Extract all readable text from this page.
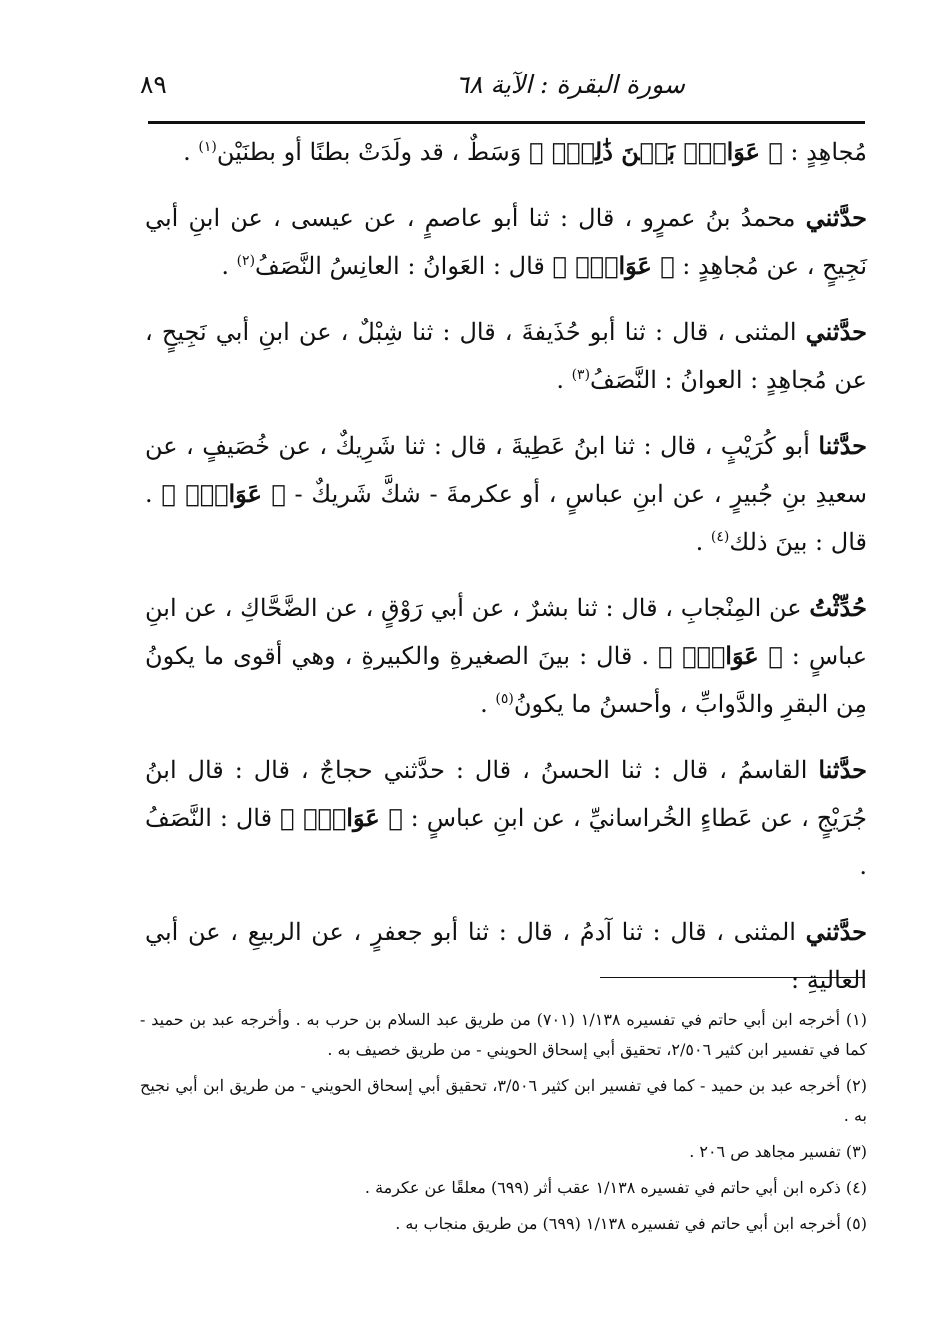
سورة البقرة : الآية ٦٨
٨٩

مُجاهِدٍ : ﴿ عَوَانُۢ بَيۡنَ ذَٰلِكَۖ ﴾ وَسَطٌ ، قد ولَدَتْ بطنًا أو بطنَيْن$^{(١)}$ .

حدَّثني محمدُ بنُ عمرٍو ، قال : ثنا أبو عاصمٍ ، عن عيسى ، عن ابنِ أبي نَجِيحٍ ، عن مُجاهِدٍ : ﴿ عَوَانُۢ ﴾ قال : العَوانُ : العانِسُ النَّصَفُ$^{(٢)}$ .

حدَّثني المثنى ، قال : ثنا أبو حُذَيفةَ ، قال : ثنا شِبْلٌ ، عن ابنِ أبي نَجِيحٍ ، عن مُجاهِدٍ : العوانُ : النَّصَفُ$^{(٣)}$ .

حدَّثنا أبو كُرَيْبٍ ، قال : ثنا ابنُ عَطِيةَ ، قال : ثنا شَرِيكٌ ، عن خُصَيفٍ ، عن سعيدِ بنِ جُبيرٍ ، عن ابنِ عباسٍ ، أو عكرمةَ - شكَّ شَريكٌ - ﴿ عَوَانُۢ ﴾ . قال : بينَ ذلك$^{(٤)}$ .

حُدِّثْتُ عن المِنْجابِ ، قال : ثنا بشرٌ ، عن أبي رَوْقٍ ، عن الضَّحَّاكِ ، عن ابنِ عباسٍ : ﴿ عَوَانُۢ ﴾ . قال : بينَ الصغيرةِ والكبيرةِ ، وهي أقوى ما يكونُ مِن البقرِ والدَّوابِّ ، وأحسنُ ما يكونُ$^{(٥)}$ .

حدَّثنا القاسمُ ، قال : ثنا الحسنُ ، قال : حدَّثني حجاجٌ ، قال : قال ابنُ جُرَيْجٍ ، عن عَطاءٍ الخُراسانيِّ ، عن ابنِ عباسٍ : ﴿ عَوَانُۢ ﴾ قال : النَّصَفُ .

حدَّثني المثنى ، قال : ثنا آدمُ ، قال : ثنا أبو جعفرٍ ، عن الربيعِ ، عن أبي العاليةِ :

(١) أخرجه ابن أبي حاتم في تفسيره ١/١٣٨ (٧٠١) من طريق عبد السلام بن حرب به . وأخرجه عبد بن حميد - كما في تفسير ابن كثير ٢/٥٠٦، تحقيق أبي إسحاق الحويني - من طريق خصيف به .
(٢) أخرجه عبد بن حميد - كما في تفسير ابن كثير ٣/٥٠٦، تحقيق أبي إسحاق الحويني - من طريق ابن أبي نجيح به .
(٣) تفسير مجاهد ص ٢٠٦ .
(٤) ذكره ابن أبي حاتم في تفسيره ١/١٣٨ عقب أثر (٦٩٩) معلقًا عن عكرمة .
(٥) أخرجه ابن أبي حاتم في تفسيره ١/١٣٨ (٦٩٩) من طريق منجاب به .
